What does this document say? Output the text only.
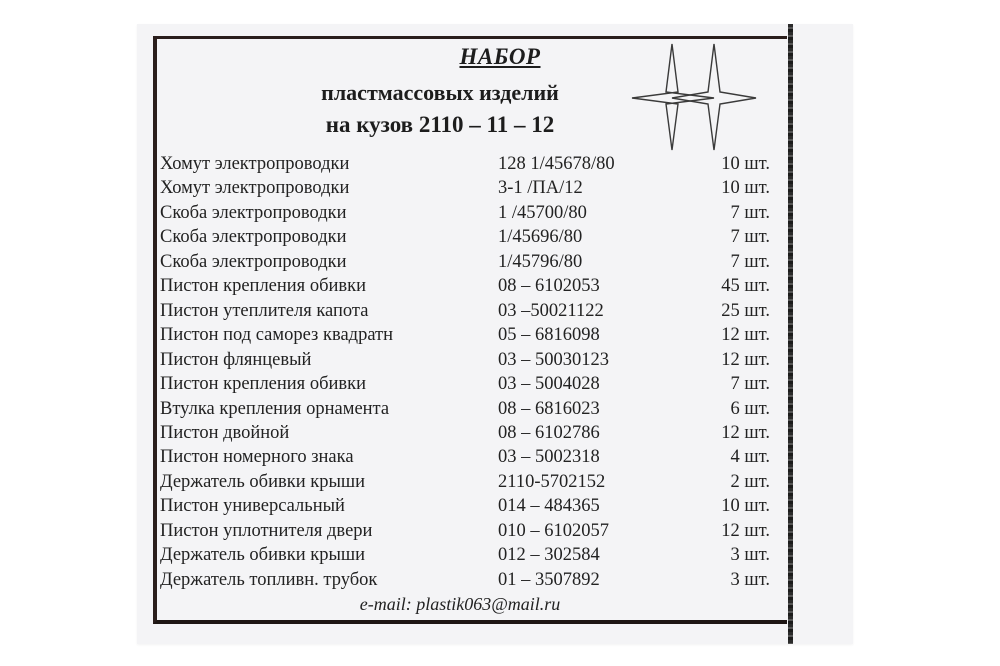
НАБОР
пластмассовых изделий
на кузов 2110 – 11 – 12
Хомут электропроводки	128 1/45678/80	10 шт.
Хомут электропроводки	3-1 /ПА/12	10 шт.
Скоба электропроводки	1 /45700/80	7 шт.
Скоба электропроводки	1/45696/80	7 шт.
Скоба электропроводки	1/45796/80	7 шт.
Пистон крепления обивки	08 – 6102053	45 шт.
Пистон утеплителя капота	03 –50021122	25 шт.
Пистон под саморез квадратн	05 – 6816098	12 шт.
Пистон флянцевый	03 – 50030123	12 шт.
Пистон крепления обивки	03 – 5004028	7 шт.
Втулка крепления орнамента	08 – 6816023	6 шт.
Пистон двойной	08 – 6102786	12 шт.
Пистон номерного знака	03 – 5002318	4 шт.
Держатель обивки крыши	2110-5702152	2 шт.
Пистон универсальный	014 – 484365	10 шт.
Пистон уплотнителя двери	010 – 6102057	12 шт.
Держатель обивки крыши	012 – 302584	3 шт.
Держатель топливн. трубок	01 – 3507892	3 шт.
e-mail: plastik063@mail.ru
